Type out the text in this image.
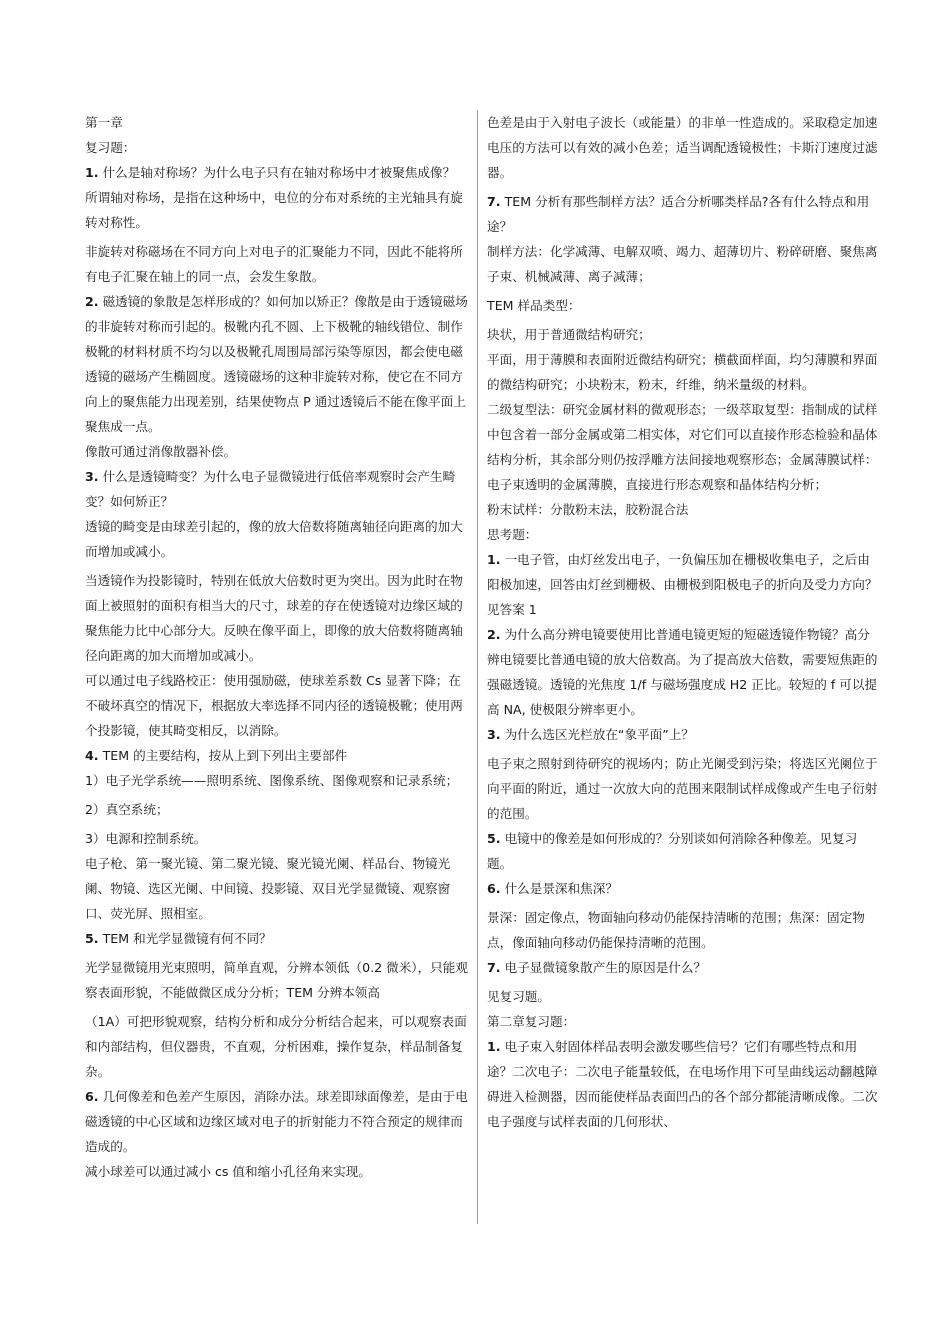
第一章

复习题：

1. 什么是轴对称场？为什么电子只有在轴对称场中才被聚焦成像？

所谓轴对称场，是指在这种场中，电位的分布对系统的主光轴具有旋转对称性。

非旋转对称磁场在不同方向上对电子的汇聚能力不同，因此不能将所有电子汇聚在轴上的同一点，会发生象散。

2. 磁透镜的象散是怎样形成的？如何加以矫正？像散是由于透镜磁场的非旋转对称而引起的。极靴内孔不圆、上下极靴的轴线错位、制作极靴的材料材质不均匀以及极靴孔周围局部污染等原因，都会使电磁透镜的磁场产生椭圆度。透镜磁场的这种非旋转对称，使它在不同方向上的聚焦能力出现差别，结果使物点 P 通过透镜后不能在像平面上聚焦成一点。

像散可通过消像散器补偿。

3. 什么是透镜畸变？为什么电子显微镜进行低倍率观察时会产生畸变？如何矫正？

透镜的畸变是由球差引起的，像的放大倍数将随离轴径向距离的加大而增加或减小。

当透镜作为投影镜时，特别在低放大倍数时更为突出。因为此时在物面上被照射的面积有相当大的尺寸，球差的存在使透镜对边缘区域的聚焦能力比中心部分大。反映在像平面上，即像的放大倍数将随离轴径向距离的加大而增加或减小。

可以通过电子线路校正：使用强励磁，使球差系数 Cs 显著下降；在不破坏真空的情况下，根据放大率选择不同内径的透镜极靴；使用两个投影镜，使其畸变相反，以消除。

4. TEM 的主要结构，按从上到下列出主要部件

1）电子光学系统——照明系统、图像系统、图像观察和记录系统；

2）真空系统；

3）电源和控制系统。

电子枪、第一聚光镜、第二聚光镜、聚光镜光阑、样品台、物镜光阑、物镜、选区光阑、中间镜、投影镜、双目光学显微镜、观察窗口、荧光屏、照相室。

5. TEM 和光学显微镜有何不同？

光学显微镜用光束照明，简单直观，分辨本领低（0.2 微米），只能观察表面形貌，不能做微区成分分析；TEM 分辨本领高

（1A）可把形貌观察，结构分析和成分分析结合起来，可以观察表面和内部结构，但仪器贵，不直观，分析困难，操作复杂，样品制备复杂。

6. 几何像差和色差产生原因，消除办法。球差即球面像差，是由于电磁透镜的中心区域和边缘区域对电子的折射能力不符合预定的规律而造成的。

减小球差可以通过减小 cs 值和缩小孔径角来实现。

色差是由于入射电子波长（或能量）的非单一性造成的。采取稳定加速电压的方法可以有效的减小色差；适当调配透镜极性；卡斯汀速度过滤器。

7. TEM 分析有那些制样方法？适合分析哪类样品?各有什么特点和用途？

制样方法：化学减薄、电解双喷、竭力、超薄切片、粉碎研磨、聚焦离子束、机械减薄、离子减薄；

TEM 样品类型：

块状，用于普通微结构研究；

平面，用于薄膜和表面附近微结构研究；横截面样面，均匀薄膜和界面的微结构研究；小块粉末，粉末，纤维，纳米量级的材料。

二级复型法：研究金属材料的微观形态；一级萃取复型：指制成的试样中包含着一部分金属或第二相实体，对它们可以直接作形态检验和晶体结构分析，其余部分则仍按浮雕方法间接地观察形态；金属薄膜试样：电子束透明的金属薄膜，直接进行形态观察和晶体结构分析；

粉末试样：分散粉末法，胶粉混合法

思考题：

1. 一电子管，由灯丝发出电子，一负偏压加在栅极收集电子，之后由阳极加速，回答由灯丝到栅极、由栅极到阳极电子的折向及受力方向？

见答案 1

2. 为什么高分辨电镜要使用比普通电镜更短的短磁透镜作物镜？高分辨电镜要比普通电镜的放大倍数高。为了提高放大倍数，需要短焦距的强磁透镜。透镜的光焦度 1/f 与磁场强度成 H2 正比。较短的 f 可以提高 NA, 使极限分辨率更小。

3. 为什么选区光栏放在“象平面”上？

电子束之照射到待研究的视场内；防止光阑受到污染；将选区光阑位于向平面的附近，通过一次放大向的范围来限制试样成像或产生电子衍射的范围。

5. 电镜中的像差是如何形成的？分别谈如何消除各种像差。见复习题。

6. 什么是景深和焦深？

景深：固定像点，物面轴向移动仍能保持清晰的范围；焦深：固定物点，像面轴向移动仍能保持清晰的范围。

7. 电子显微镜象散产生的原因是什么？

见复习题。

第二章复习题：

1. 电子束入射固体样品表明会激发哪些信号？它们有哪些特点和用途？二次电子：二次电子能量较低，在电场作用下可呈曲线运动翻越障碍进入检测器，因而能使样品表面凹凸的各个部分都能清晰成像。二次电子强度与试样表面的几何形状、
